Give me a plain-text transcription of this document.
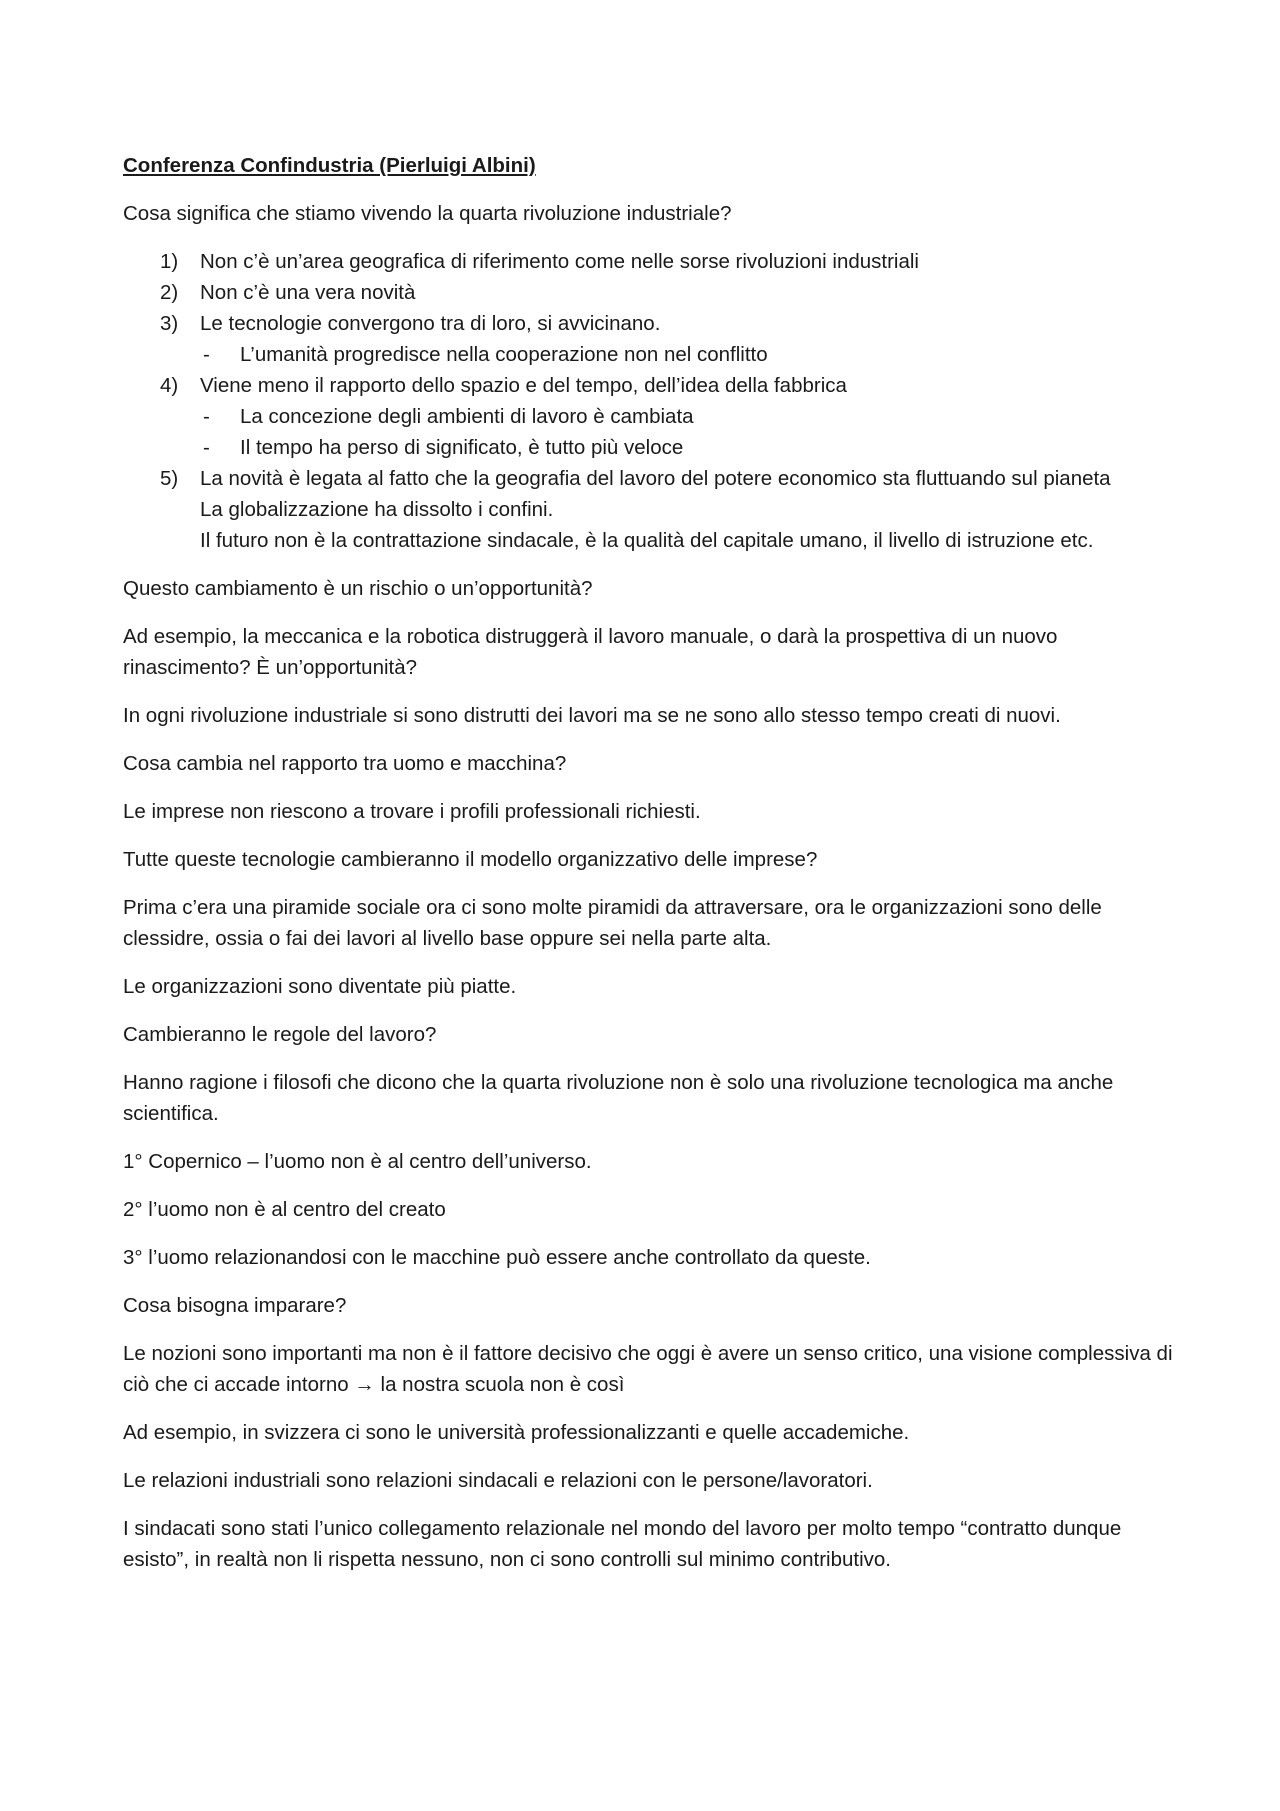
Conferenza Confindustria (Pierluigi Albini)

Cosa significa che stiamo vivendo la quarta rivoluzione industriale?

1) Non c’è un’area geografica di riferimento come nelle sorse rivoluzioni industriali
2) Non c’è una vera novità
3) Le tecnologie convergono tra di loro, si avvicinano.
- L’umanità progredisce nella cooperazione non nel conflitto
4) Viene meno il rapporto dello spazio e del tempo, dell’idea della fabbrica
- La concezione degli ambienti di lavoro è cambiata
- Il tempo ha perso di significato, è tutto più veloce
5) La novità è legata al fatto che la geografia del lavoro del potere economico sta fluttuando sul pianeta
La globalizzazione ha dissolto i confini.
Il futuro non è la contrattazione sindacale, è la qualità del capitale umano, il livello di istruzione etc.

Questo cambiamento è un rischio o un’opportunità?

Ad esempio, la meccanica e la robotica distruggerà il lavoro manuale, o darà la prospettiva di un nuovo rinascimento? È un’opportunità?

In ogni rivoluzione industriale si sono distrutti dei lavori ma se ne sono allo stesso tempo creati di nuovi.

Cosa cambia nel rapporto tra uomo e macchina?

Le imprese non riescono a trovare i profili professionali richiesti.

Tutte queste tecnologie cambieranno il modello organizzativo delle imprese?

Prima c’era una piramide sociale ora ci sono molte piramidi da attraversare, ora le organizzazioni sono delle clessidre, ossia o fai dei lavori al livello base oppure sei nella parte alta.

Le organizzazioni sono diventate più piatte.

Cambieranno le regole del lavoro?

Hanno ragione i filosofi che dicono che la quarta rivoluzione non è solo una rivoluzione tecnologica ma anche scientifica.

1° Copernico – l’uomo non è al centro dell’universo.

2° l’uomo non è al centro del creato

3° l’uomo relazionandosi con le macchine può essere anche controllato da queste.

Cosa bisogna imparare?

Le nozioni sono importanti ma non è il fattore decisivo che oggi è avere un senso critico, una visione complessiva di ciò che ci accade intorno → la nostra scuola non è così

Ad esempio, in svizzera ci sono le università professionalizzanti e quelle accademiche.

Le relazioni industriali sono relazioni sindacali e relazioni con le persone/lavoratori.

I sindacati sono stati l’unico collegamento relazionale nel mondo del lavoro per molto tempo “contratto dunque esisto”, in realtà non li rispetta nessuno, non ci sono controlli sul minimo contributivo.
